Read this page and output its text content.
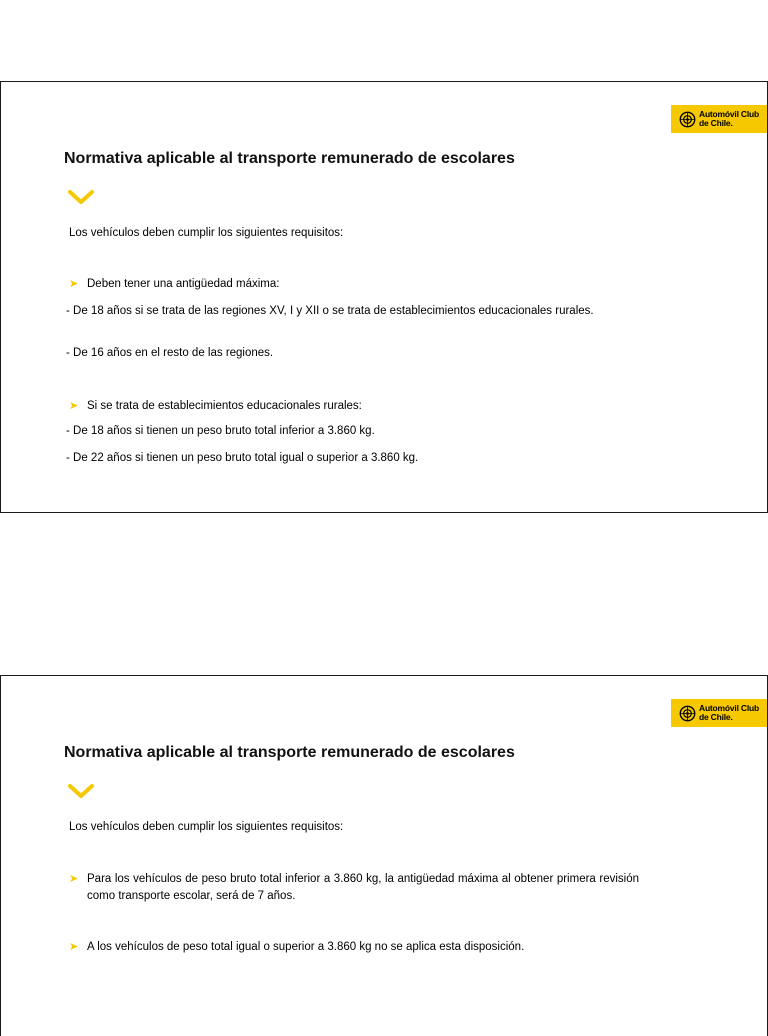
Automóvil Club
de Chile.
Normativa aplicable al transporte remunerado de escolares
Los vehículos deben cumplir los siguientes requisitos:
➤ Deben tener una antigüedad máxima:
- De 18 años si se trata de las regiones XV, I y XII o se trata de establecimientos educacionales rurales.
- De 16 años en el resto de las regiones.
➤ Si se trata de establecimientos educacionales rurales:
- De 18 años si tienen un peso bruto total inferior a 3.860 kg.
- De 22 años si tienen un peso bruto total igual o superior a 3.860 kg.
Automóvil Club
de Chile.
Normativa aplicable al transporte remunerado de escolares
Los vehículos deben cumplir los siguientes requisitos:
➤ Para los vehículos de peso bruto total inferior a 3.860 kg, la antigüedad máxima al obtener primera revisión como transporte escolar, será de 7 años.
➤ A los vehículos de peso total igual o superior a 3.860 kg no se aplica esta disposición.
